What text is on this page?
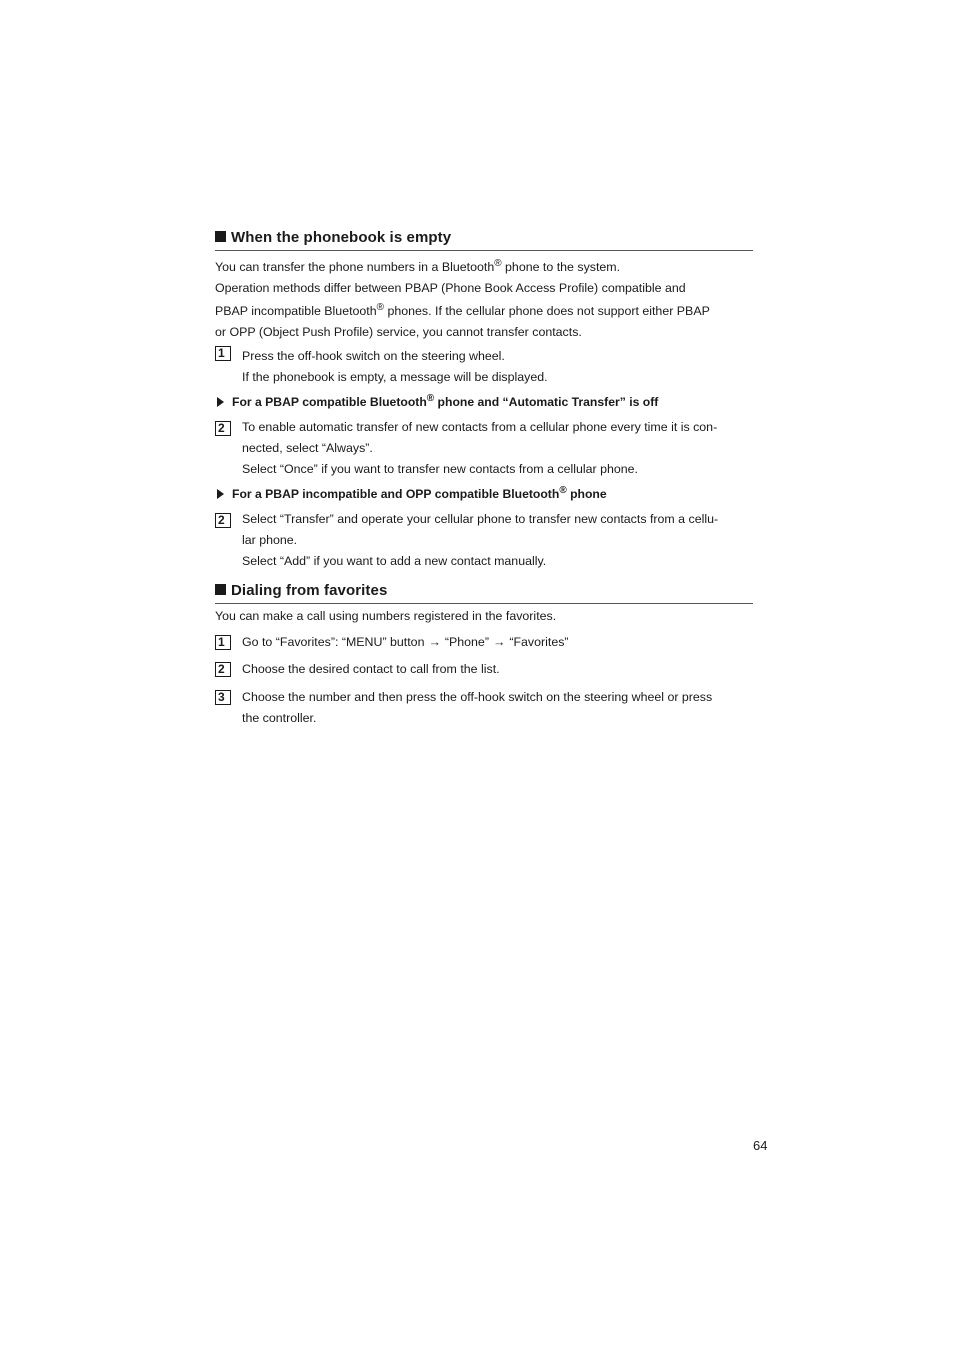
When the phonebook is empty
You can transfer the phone numbers in a Bluetooth® phone to the system.
Operation methods differ between PBAP (Phone Book Access Profile) compatible and
PBAP incompatible Bluetooth® phones. If the cellular phone does not support either PBAP
or OPP (Object Push Profile) service, you cannot transfer contacts.
1	Press the off-hook switch on the steering wheel.
If the phonebook is empty, a message will be displayed.
For a PBAP compatible Bluetooth® phone and “Automatic Transfer” is off
2	To enable automatic transfer of new contacts from a cellular phone every time it is con-
nected, select “Always”.
Select “Once” if you want to transfer new contacts from a cellular phone.
For a PBAP incompatible and OPP compatible Bluetooth® phone
2	Select “Transfer” and operate your cellular phone to transfer new contacts from a cellu-
lar phone.
Select “Add” if you want to add a new contact manually.
Dialing from favorites
You can make a call using numbers registered in the favorites.
1	Go to “Favorites”: “MENU” button → “Phone” → “Favorites”
2	Choose the desired contact to call from the list.
3	Choose the number and then press the off-hook switch on the steering wheel or press
the controller.
64
